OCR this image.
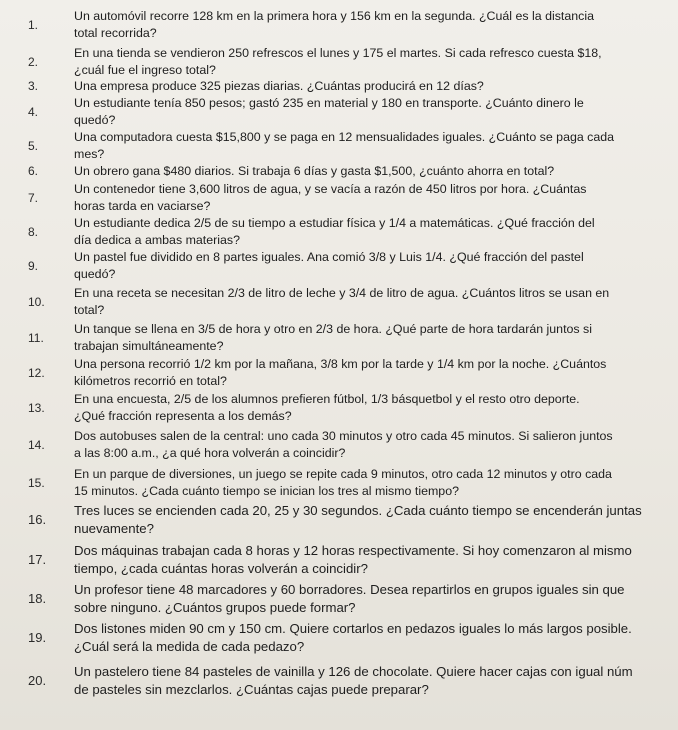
1.
Un automóvil recorre 128 km en la primera hora y 156 km en la segunda. ¿Cuál es la distancia
total recorrida?
2.
En una tienda se vendieron 250 refrescos el lunes y 175 el martes. Si cada refresco cuesta $18,
¿cuál fue el ingreso total?
3.	Una empresa produce 325 piezas diarias. ¿Cuántas producirá en 12 días?
4.
Un estudiante tenía 850 pesos; gastó 235 en material y 180 en transporte. ¿Cuánto dinero le
quedó?
5.
Una computadora cuesta $15,800 y se paga en 12 mensualidades iguales. ¿Cuánto se paga cada
mes?
6.	Un obrero gana $480 diarios. Si trabaja 6 días y gasta $1,500, ¿cuánto ahorra en total?
7.
Un contenedor tiene 3,600 litros de agua, y se vacía a razón de 450 litros por hora. ¿Cuántas
horas tarda en vaciarse?
8.
Un estudiante dedica 2/5 de su tiempo a estudiar física y 1/4 a matemáticas. ¿Qué fracción del
día dedica a ambas materias?
9.
Un pastel fue dividido en 8 partes iguales. Ana comió 3/8 y Luis 1/4. ¿Qué fracción del pastel
quedó?
10.
En una receta se necesitan 2/3 de litro de leche y 3/4 de litro de agua. ¿Cuántos litros se usan en
total?
11.
Un tanque se llena en 3/5 de hora y otro en 2/3 de hora. ¿Qué parte de hora tardarán juntos si
trabajan simultáneamente?
12.
Una persona recorrió 1/2 km por la mañana, 3/8 km por la tarde y 1/4 km por la noche. ¿Cuántos
kilómetros recorrió en total?
13.
En una encuesta, 2/5 de los alumnos prefieren fútbol, 1/3 básquetbol y el resto otro deporte.
¿Qué fracción representa a los demás?
14.
Dos autobuses salen de la central: uno cada 30 minutos y otro cada 45 minutos. Si salieron juntos
a las 8:00 a.m., ¿a qué hora volverán a coincidir?
15.
En un parque de diversiones, un juego se repite cada 9 minutos, otro cada 12 minutos y otro cada
15 minutos. ¿Cada cuánto tiempo se inician los tres al mismo tiempo?
16.
Tres luces se encienden cada 20, 25 y 30 segundos. ¿Cada cuánto tiempo se encenderán juntas
nuevamente?
17.
Dos máquinas trabajan cada 8 horas y 12 horas respectivamente. Si hoy comenzaron al mismo
tiempo, ¿cada cuántas horas volverán a coincidir?
18.
Un profesor tiene 48 marcadores y 60 borradores. Desea repartirlos en grupos iguales sin que
sobre ninguno. ¿Cuántos grupos puede formar?
19.
Dos listones miden 90 cm y 150 cm. Quiere cortarlos en pedazos iguales lo más largos posible.
¿Cuál será la medida de cada pedazo?
20.
Un pastelero tiene 84 pasteles de vainilla y 126 de chocolate. Quiere hacer cajas con igual núm
de pasteles sin mezclarlos. ¿Cuántas cajas puede preparar?
